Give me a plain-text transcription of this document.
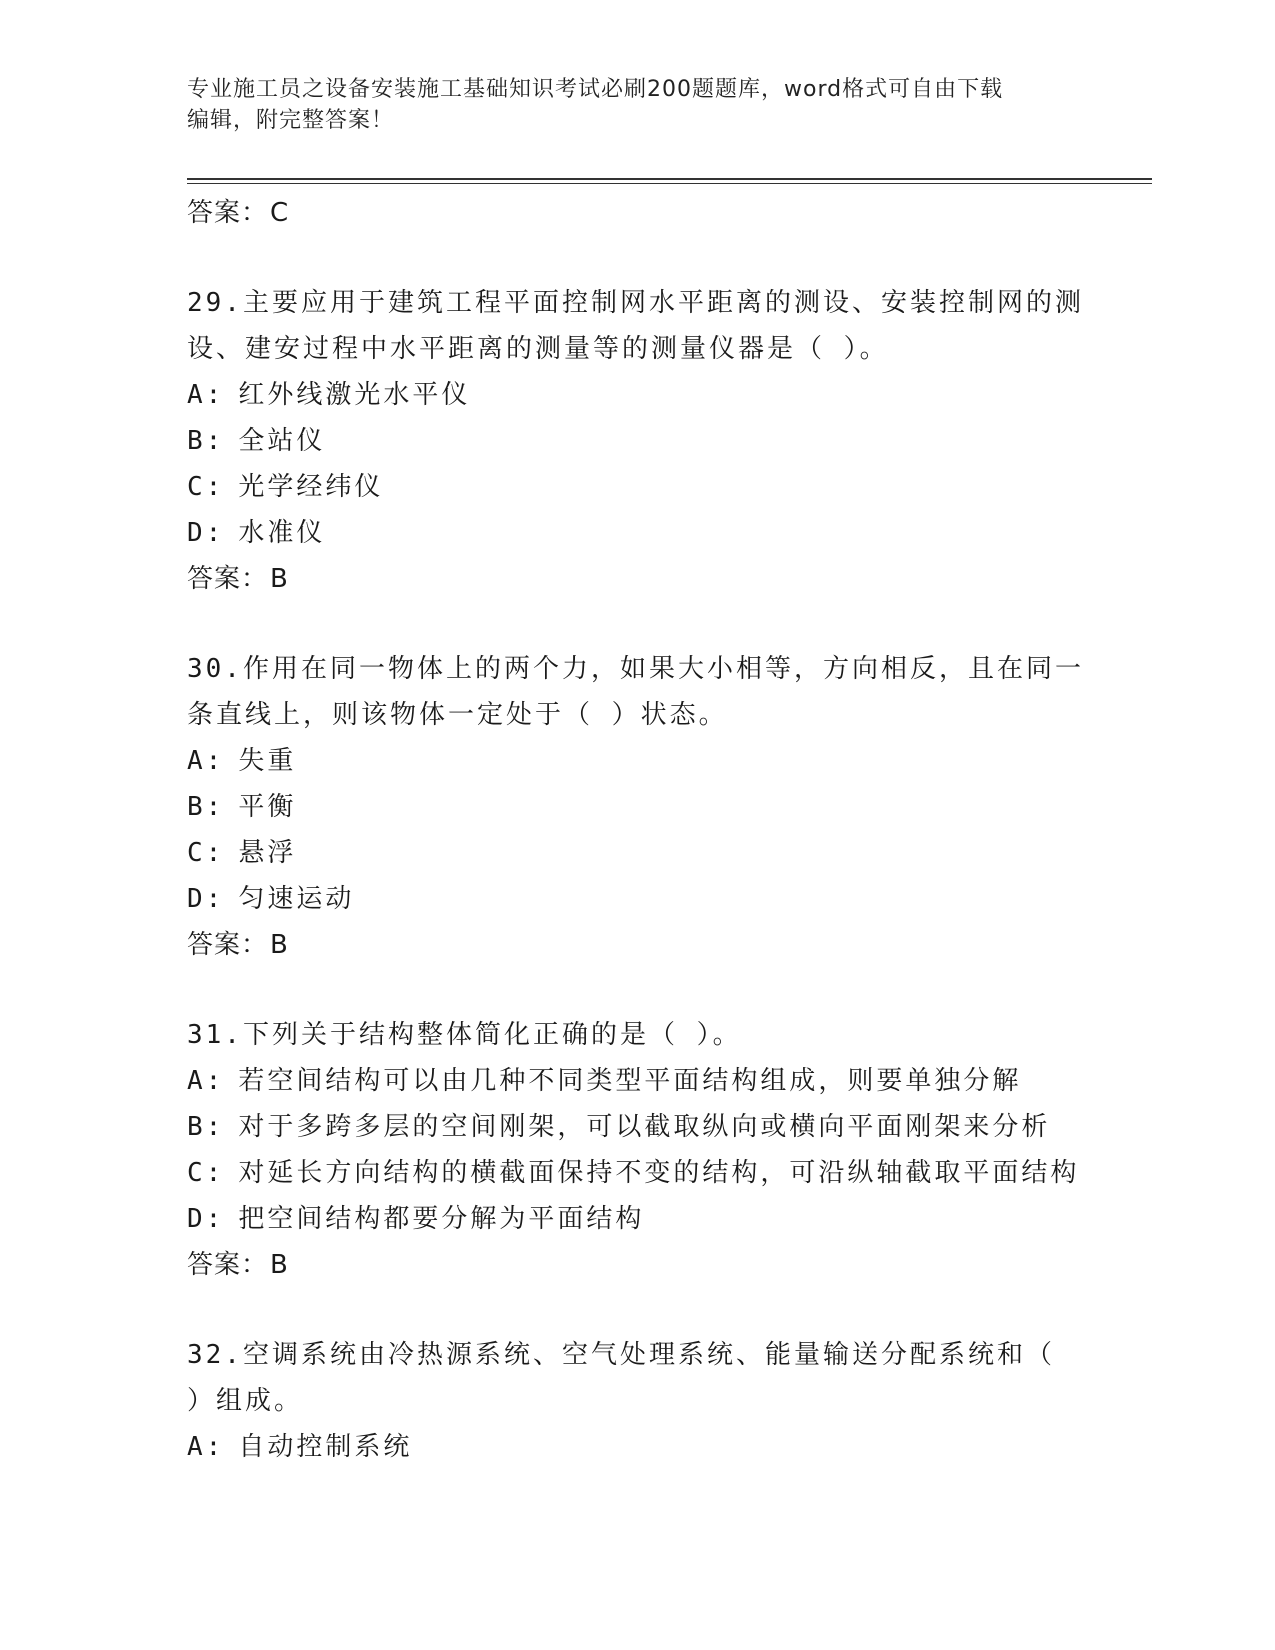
专业施工员之设备安装施工基础知识考试必刷200题题库，word格式可自由下载
编辑，附完整答案！
答案：C
29.主要应用于建筑工程平面控制网水平距离的测设、安装控制网的测
设、建安过程中水平距离的测量等的测量仪器是（ ）。
A: 红外线激光水平仪
B: 全站仪
C: 光学经纬仪
D: 水准仪
答案：B
30.作用在同一物体上的两个力，如果大小相等，方向相反，且在同一
条直线上，则该物体一定处于（ ）状态。
A: 失重
B: 平衡
C: 悬浮
D: 匀速运动
答案：B
31.下列关于结构整体简化正确的是（ ）。
A: 若空间结构可以由几种不同类型平面结构组成，则要单独分解
B: 对于多跨多层的空间刚架，可以截取纵向或横向平面刚架来分析
C: 对延长方向结构的横截面保持不变的结构，可沿纵轴截取平面结构
D: 把空间结构都要分解为平面结构
答案：B
32.空调系统由冷热源系统、空气处理系统、能量输送分配系统和（
）组成。
A: 自动控制系统
